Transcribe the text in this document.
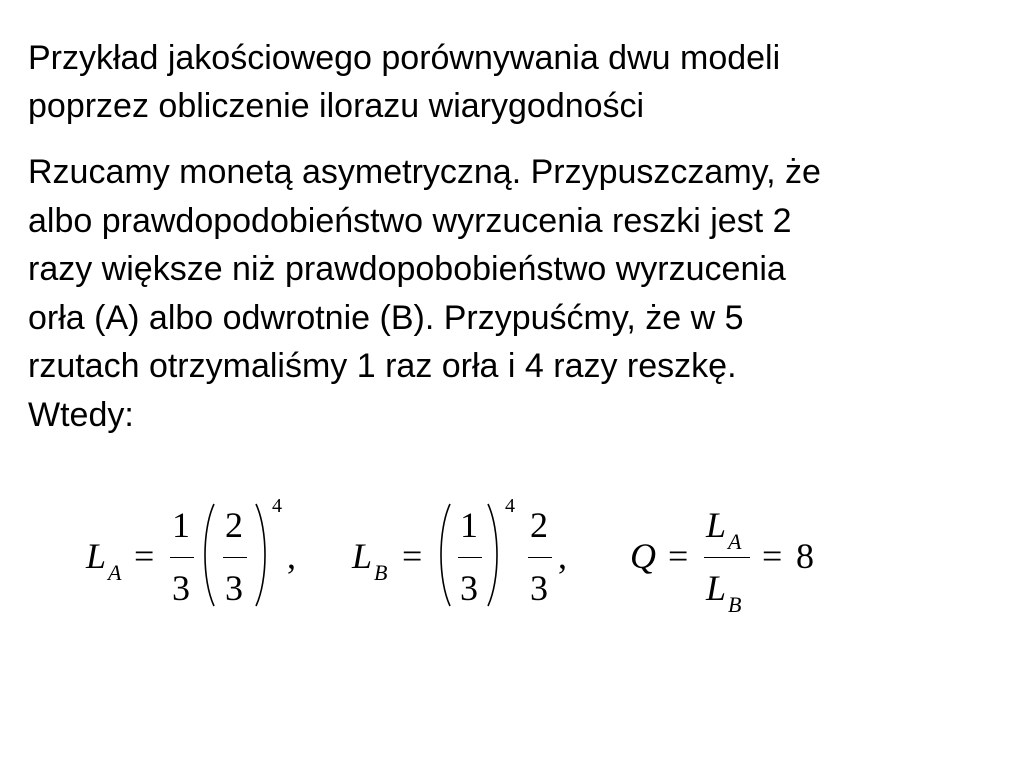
Przykład jakościowego porównywania dwu modeli
poprzez obliczenie ilorazu wiarygodności
Rzucamy monetą asymetryczną. Przypuszczamy, że
albo prawdopodobieństwo wyrzucenia reszki jest 2
razy większe niż prawdopobobieństwo wyrzucenia
orła (A) albo odwrotnie (B). Przypuśćmy, że w 5
rzutach otrzymaliśmy 1 raz orła i 4 razy reszkę.
Wtedy:
L A =
1
3
2
3
4
, L B =
1
3
4 2
3
, Q =
L A
L B
= 8
